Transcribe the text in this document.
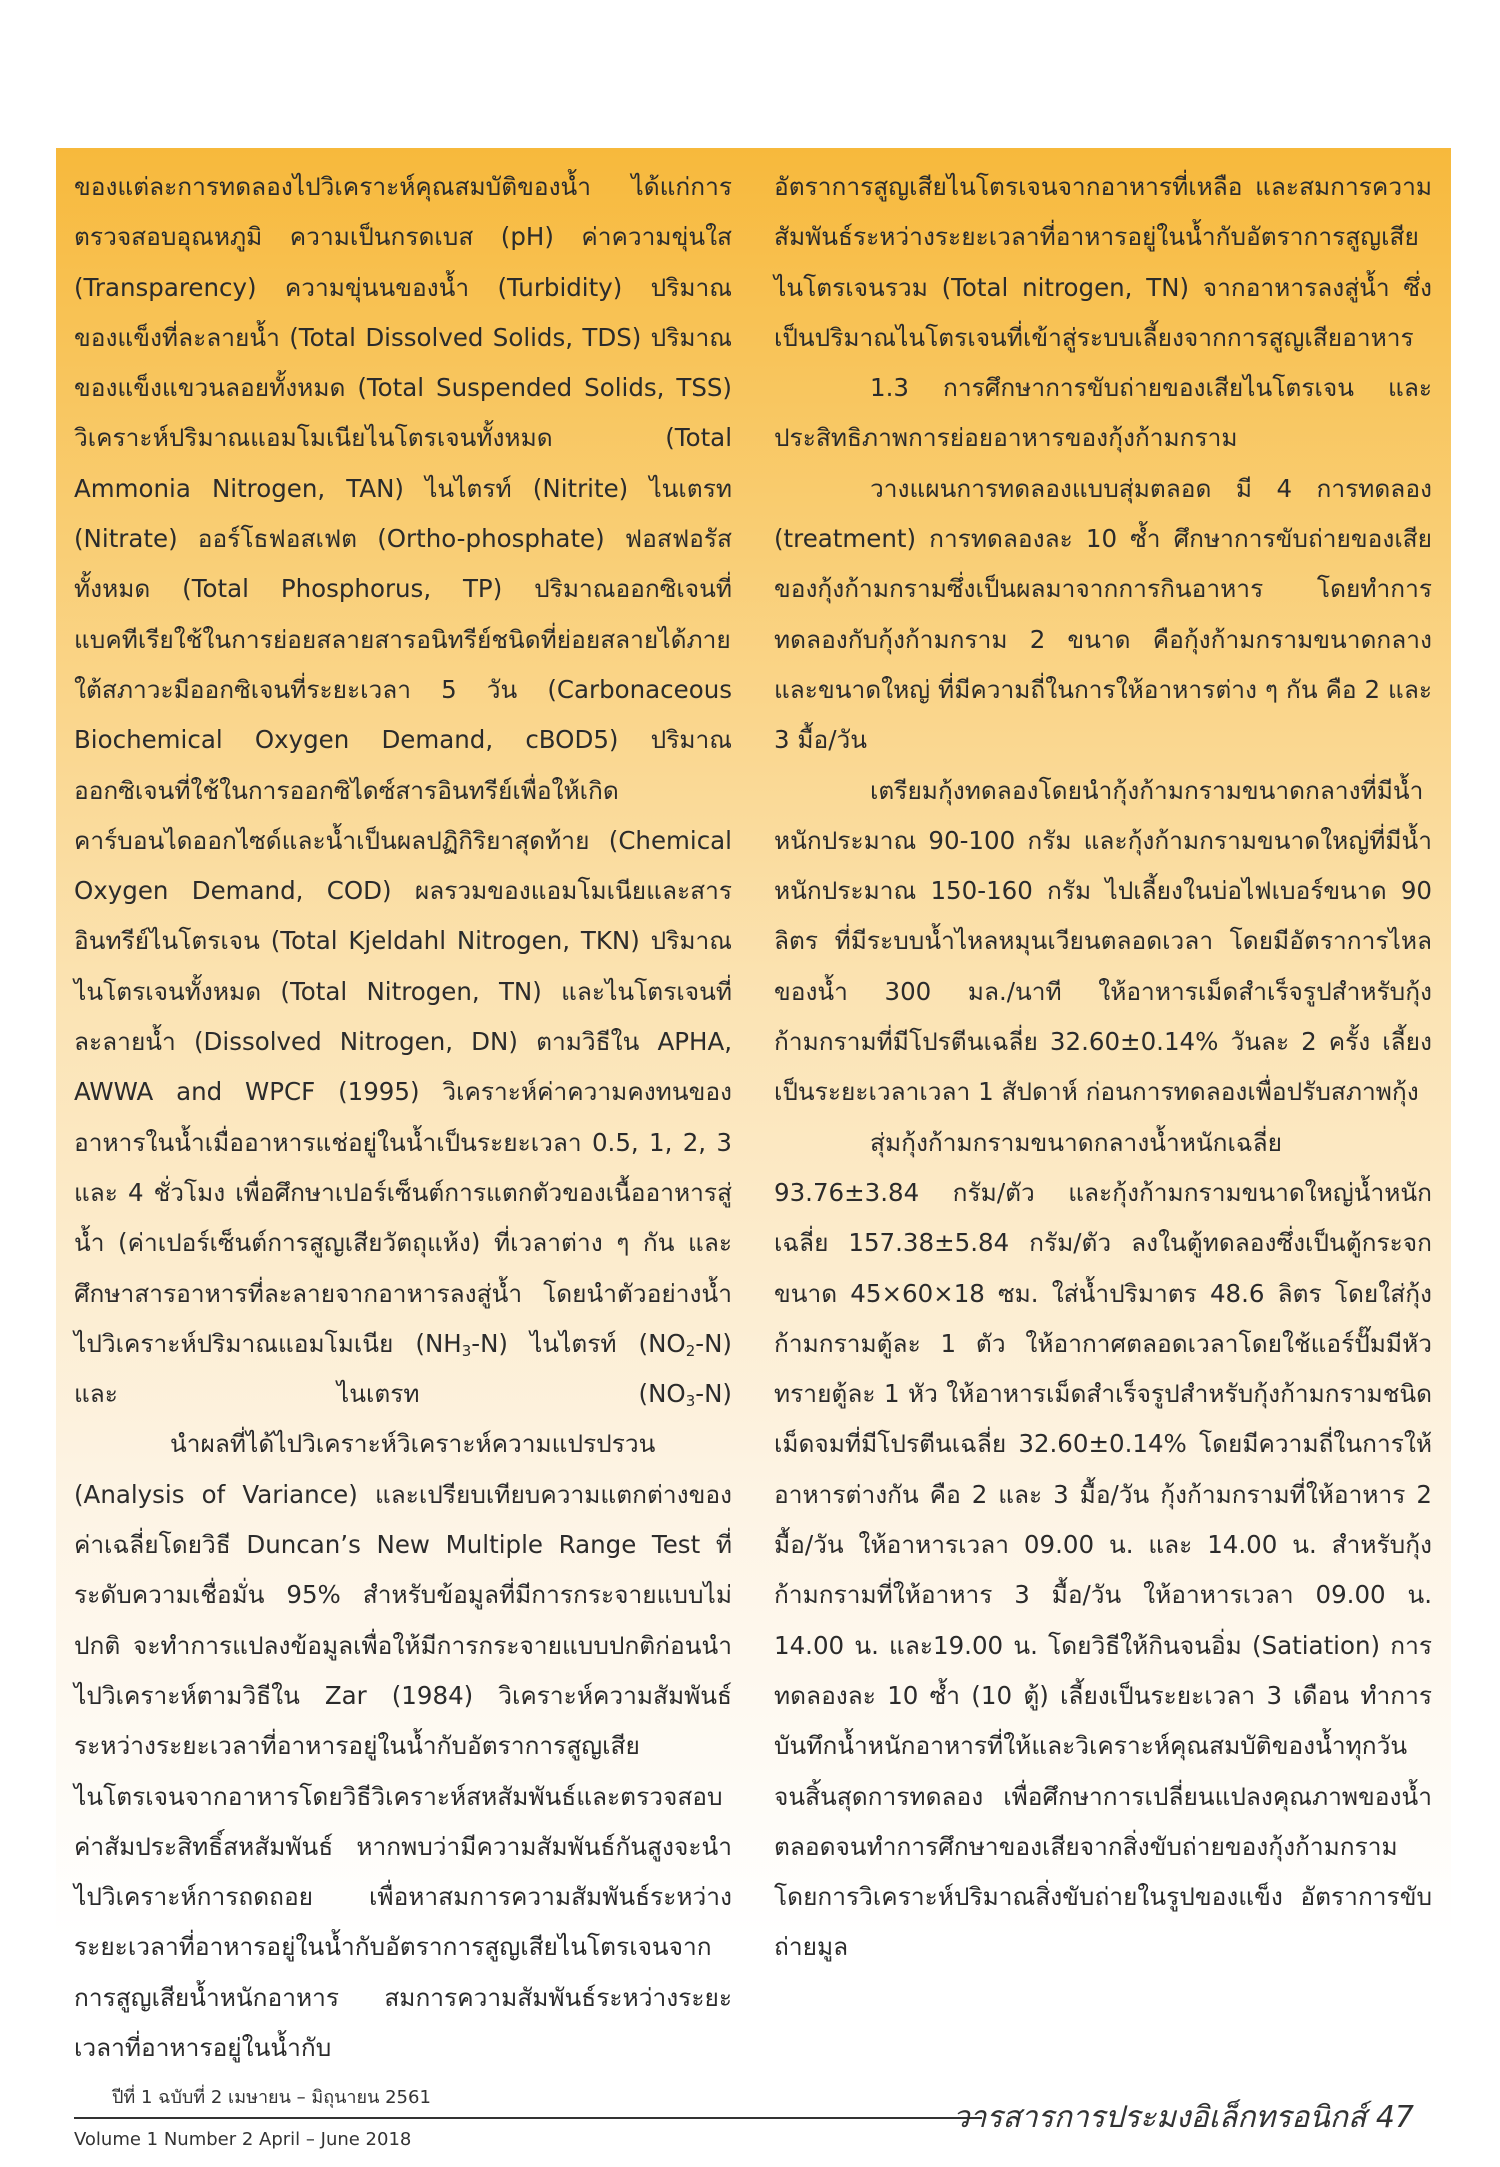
ของแต่ละการทดลองไปวิเคราะห์คุณสมบัติของน้ำ ได้แก่การตรวจสอบอุณหภูมิ ความเป็นกรดเบส (pH) ค่าความขุ่นใส (Transparency) ความขุ่นนของน้ำ (Turbidity) ปริมาณของแข็งที่ละลายน้ำ (Total Dissolved Solids, TDS) ปริมาณของแข็งแขวนลอยทั้งหมด (Total Suspended Solids, TSS) วิเคราะห์ปริมาณแอมโมเนียไนโตรเจนทั้งหมด (Total Ammonia Nitrogen, TAN) ไนไตรท์ (Nitrite) ไนเตรท (Nitrate) ออร์โธฟอสเฟต (Ortho-phosphate) ฟอสฟอรัสทั้งหมด (Total Phosphorus, TP) ปริมาณออกซิเจนที่แบคทีเรียใช้ในการย่อยสลายสารอนิทรีย์ชนิดที่ย่อยสลายได้ภายใต้สภาวะมีออกซิเจนที่ระยะเวลา 5 วัน (Carbonaceous Biochemical Oxygen Demand, cBOD5) ปริมาณออกซิเจนที่ใช้ในการออกซิไดซ์สารอินทรีย์เพื่อให้เกิดคาร์บอนไดออกไซด์และน้ำเป็นผลปฏิกิริยาสุดท้าย (Chemical Oxygen Demand, COD) ผลรวมของแอมโมเนียและสารอินทรีย์ไนโตรเจน (Total Kjeldahl Nitrogen, TKN) ปริมาณไนโตรเจนทั้งหมด (Total Nitrogen, TN) และไนโตรเจนที่ละลายน้ำ (Dissolved Nitrogen, DN) ตามวิธีใน APHA, AWWA and WPCF (1995) วิเคราะห์ค่าความคงทนของอาหารในน้ำเมื่ออาหารแช่อยู่ในน้ำเป็นระยะเวลา 0.5, 1, 2, 3 และ 4 ชั่วโมง เพื่อศึกษาเปอร์เซ็นต์การแตกตัวของเนื้ออาหารสู่น้ำ (ค่าเปอร์เซ็นต์การสูญเสียวัตถุแห้ง) ที่เวลาต่าง ๆ กัน และศึกษาสารอาหารที่ละลายจากอาหารลงสู่น้ำ โดยนำตัวอย่างน้ำไปวิเคราะห์ปริมาณแอมโมเนีย $(NH_3-N)$ ไนไตรท์ $(NO_2-N)$ และ ไนเตรท $(NO_3-N)$

นำผลที่ได้ไปวิเคราะห์วิเคราะห์ความแปรปรวน (Analysis of Variance) และเปรียบเทียบความแตกต่างของค่าเฉลี่ยโดยวิธี Duncan’s New Multiple Range Test ที่ระดับความเชื่อมั่น 95% สำหรับข้อมูลที่มีการกระจายแบบไม่ปกติ จะทำการแปลงข้อมูลเพื่อให้มีการกระจายแบบปกติก่อนนำไปวิเคราะห์ตามวิธีใน Zar (1984) วิเคราะห์ความสัมพันธ์ระหว่างระยะเวลาที่อาหารอยู่ในน้ำกับอัตราการสูญเสียไนโตรเจนจากอาหารโดยวิธีวิเคราะห์สหสัมพันธ์และตรวจสอบค่าสัมประสิทธิ์สหสัมพันธ์ หากพบว่ามีความสัมพันธ์กันสูงจะนำไปวิเคราะห์การถดถอย เพื่อหาสมการความสัมพันธ์ระหว่างระยะเวลาที่อาหารอยู่ในน้ำกับอัตราการสูญเสียไนโตรเจนจากการสูญเสียน้ำหนักอาหาร สมการความสัมพันธ์ระหว่างระยะเวลาที่อาหารอยู่ในน้ำกับ

อัตราการสูญเสียไนโตรเจนจากอาหารที่เหลือ และสมการความสัมพันธ์ระหว่างระยะเวลาที่อาหารอยู่ในน้ำกับอัตราการสูญเสียไนโตรเจนรวม (Total nitrogen, TN) จากอาหารลงสู่น้ำ ซึ่งเป็นปริมาณไนโตรเจนที่เข้าสู่ระบบเลี้ยงจากการสูญเสียอาหาร

1.3 การศึกษาการขับถ่ายของเสียไนโตรเจน และประสิทธิภาพการย่อยอาหารของกุ้งก้ามกราม

วางแผนการทดลองแบบสุ่มตลอด มี 4 การทดลอง (treatment) การทดลองละ 10 ซ้ำ ศึกษาการขับถ่ายของเสียของกุ้งก้ามกรามซึ่งเป็นผลมาจากการกินอาหาร โดยทำการทดลองกับกุ้งก้ามกราม 2 ขนาด คือกุ้งก้ามกรามขนาดกลาง และขนาดใหญ่ ที่มีความถี่ในการให้อาหารต่าง ๆ กัน คือ 2 และ 3 มื้อ/วัน

เตรียมกุ้งทดลองโดยนำกุ้งก้ามกรามขนาดกลางที่มีน้ำหนักประมาณ 90-100 กรัม และกุ้งก้ามกรามขนาดใหญ่ที่มีน้ำหนักประมาณ 150-160 กรัม ไปเลี้ยงในบ่อไฟเบอร์ขนาด 90 ลิตร ที่มีระบบน้ำไหลหมุนเวียนตลอดเวลา โดยมีอัตราการไหลของน้ำ 300 มล./นาที ให้อาหารเม็ดสำเร็จรูปสำหรับกุ้งก้ามกรามที่มีโปรตีนเฉลี่ย 32.60±0.14% วันละ 2 ครั้ง เลี้ยงเป็นระยะเวลาเวลา 1 สัปดาห์ ก่อนการทดลองเพื่อปรับสภาพกุ้ง

สุ่มกุ้งก้ามกรามขนาดกลางน้ำหนักเฉลี่ย 93.76±3.84 กรัม/ตัว และกุ้งก้ามกรามขนาดใหญ่น้ำหนักเฉลี่ย 157.38±5.84 กรัม/ตัว ลงในตู้ทดลองซึ่งเป็นตู้กระจกขนาด 45×60×18 ซม. ใส่น้ำปริมาตร 48.6 ลิตร โดยใส่กุ้งก้ามกรามตู้ละ 1 ตัว ให้อากาศตลอดเวลาโดยใช้แอร์ปั๊มมีหัวทรายตู้ละ 1 หัว ให้อาหารเม็ดสำเร็จรูปสำหรับกุ้งก้ามกรามชนิดเม็ดจมที่มีโปรตีนเฉลี่ย 32.60±0.14% โดยมีความถี่ในการให้อาหารต่างกัน คือ 2 และ 3 มื้อ/วัน กุ้งก้ามกรามที่ให้อาหาร 2 มื้อ/วัน ให้อาหารเวลา 09.00 น. และ 14.00 น. สำหรับกุ้งก้ามกรามที่ให้อาหาร 3 มื้อ/วัน ให้อาหารเวลา 09.00 น. 14.00 น. และ19.00 น. โดยวิธีให้กินจนอิ่ม (Satiation) การทดลองละ 10 ซ้ำ (10 ตู้) เลี้ยงเป็นระยะเวลา 3 เดือน ทำการบันทึกน้ำหนักอาหารที่ให้และวิเคราะห์คุณสมบัติของน้ำทุกวันจนสิ้นสุดการทดลอง เพื่อศึกษาการเปลี่ยนแปลงคุณภาพของน้ำ ตลอดจนทำการศึกษาของเสียจากสิ่งขับถ่ายของกุ้งก้ามกรามโดยการวิเคราะห์ปริมาณสิ่งขับถ่ายในรูปของแข็ง อัตราการขับถ่ายมูล

ปีที่ 1 ฉบับที่ 2 เมษายน – มิถุนายน 2561
Volume 1 Number 2 April – June 2018
วารสารการประมงอิเล็กทรอนิกส์ 47
